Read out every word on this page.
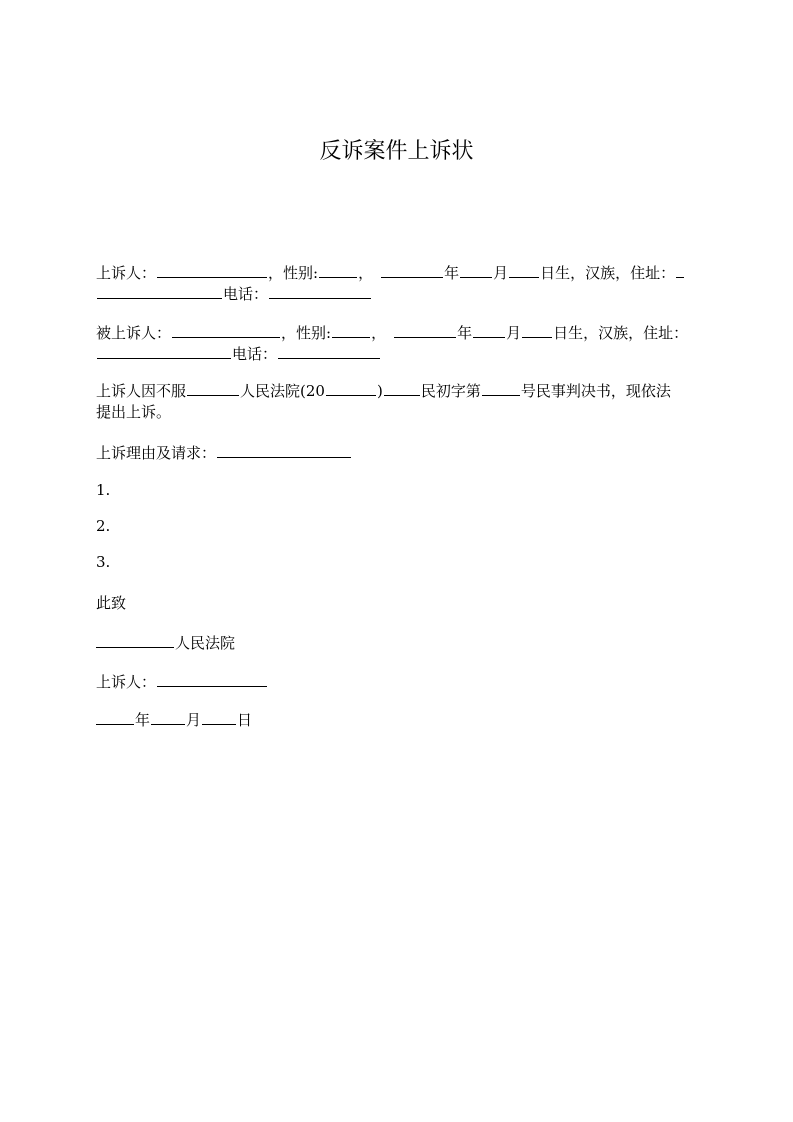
反诉案件上诉状
上诉人：	，性别:	，	年 月 日生，汉族，住址：
电话：
被上诉人：	，性别:	，	年 月 日生，汉族，住址：
电话：
上诉人因不服	人民法院(20	)	民初字第	号民事判决书，现依法
提出上诉。
上诉理由及请求：
1.
2.
3.
此致
人民法院
上诉人：
年 月 日
